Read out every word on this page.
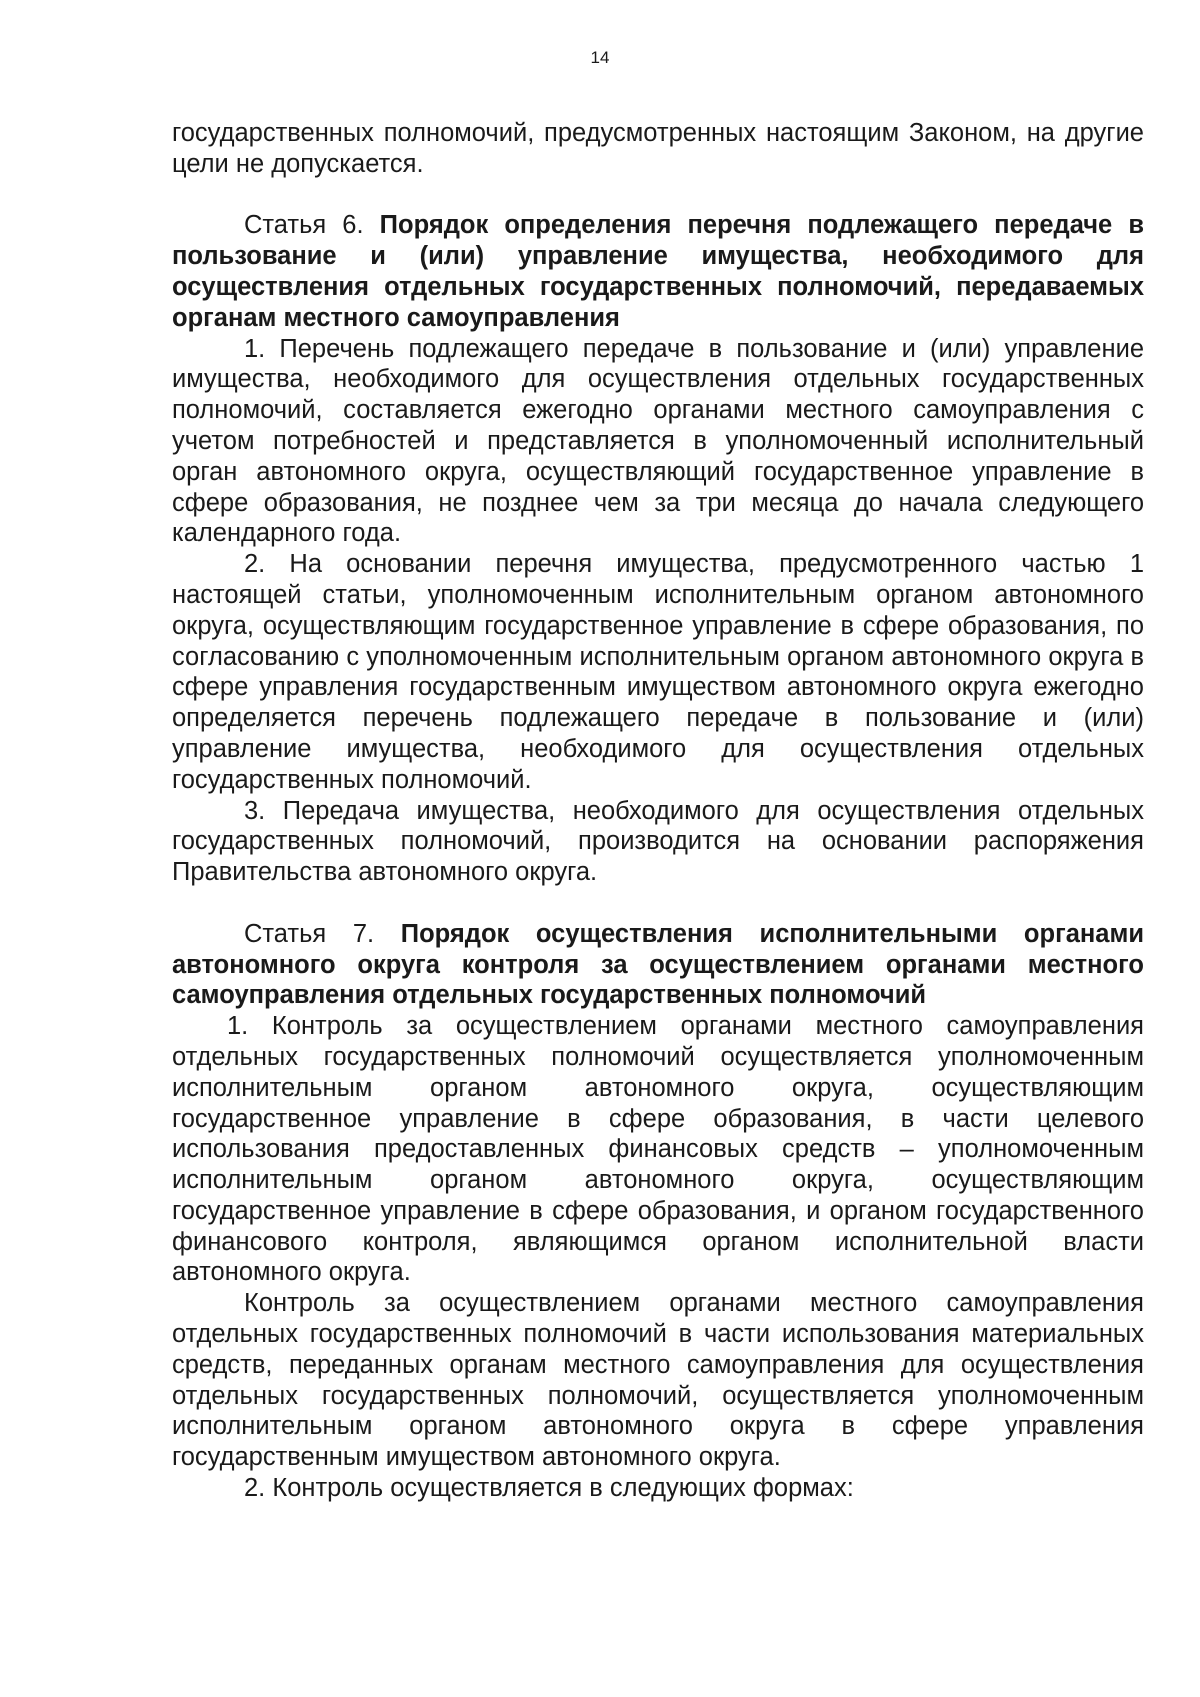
14

государственных полномочий, предусмотренных настоящим Законом, на другие цели не допускается.

Статья 6. Порядок определения перечня подлежащего передаче в пользование и (или) управление имущества, необходимого для осуществления отдельных государственных полномочий, передаваемых органам местного самоуправления

1. Перечень подлежащего передаче в пользование и (или) управление имущества, необходимого для осуществления отдельных государственных полномочий, составляется ежегодно органами местного самоуправления с учетом потребностей и представляется в уполномоченный исполнительный орган автономного округа, осуществляющий государственное управление в сфере образования, не позднее чем за три месяца до начала следующего календарного года.

2. На основании перечня имущества, предусмотренного частью 1 настоящей статьи, уполномоченным исполнительным органом автономного округа, осуществляющим государственное управление в сфере образования, по согласованию с уполномоченным исполнительным органом автономного округа в сфере управления государственным имуществом автономного округа ежегодно определяется перечень подлежащего передаче в пользование и (или) управление имущества, необходимого для осуществления отдельных государственных полномочий.

3. Передача имущества, необходимого для осуществления отдельных государственных полномочий, производится на основании распоряжения Правительства автономного округа.

Статья 7. Порядок осуществления исполнительными органами автономного округа контроля за осуществлением органами местного самоуправления отдельных государственных полномочий

1. Контроль за осуществлением органами местного самоуправления отдельных государственных полномочий осуществляется уполномоченным исполнительным органом автономного округа, осуществляющим государственное управление в сфере образования, в части целевого использования предоставленных финансовых средств – уполномоченным исполнительным органом автономного округа, осуществляющим государственное управление в сфере образования, и органом государственного финансового контроля, являющимся органом исполнительной власти автономного округа.

Контроль за осуществлением органами местного самоуправления отдельных государственных полномочий в части использования материальных средств, переданных органам местного самоуправления для осуществления отдельных государственных полномочий, осуществляется уполномоченным исполнительным органом автономного округа в сфере управления государственным имуществом автономного округа.

2. Контроль осуществляется в следующих формах:
